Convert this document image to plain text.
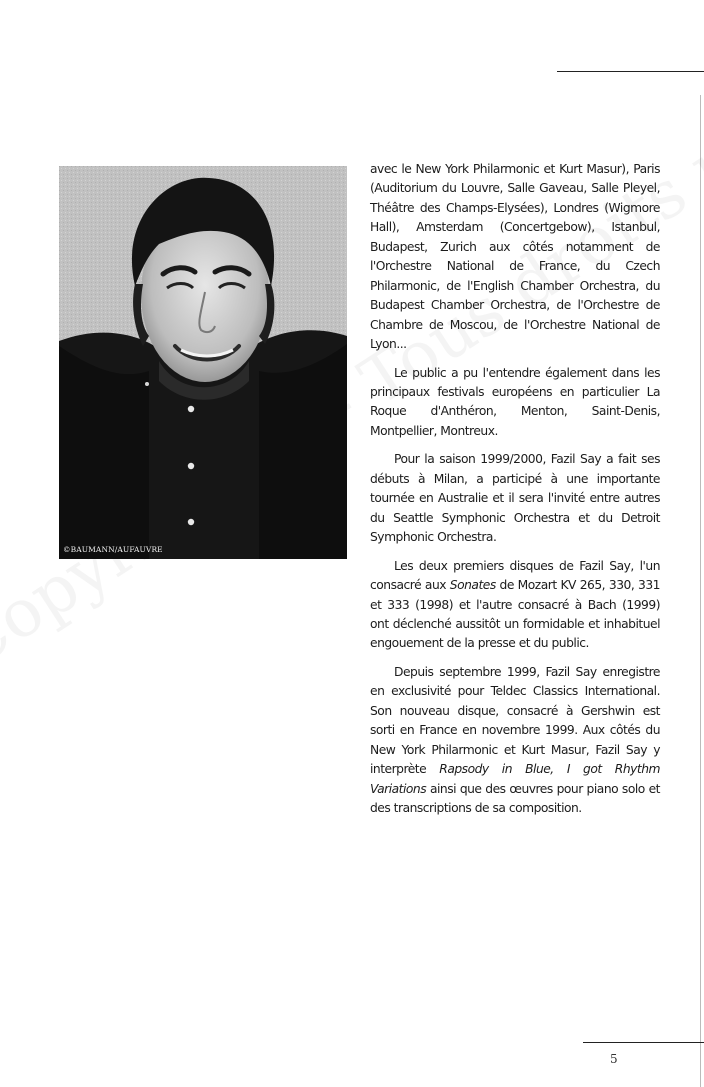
©BAUMANN/AUFAUVRE

avec le New York Philarmonic et Kurt Masur), Paris (Auditorium du Louvre, Salle Gaveau, Salle Pleyel, Théâtre des Champs-Elysées), Londres (Wigmore Hall), Amsterdam (Concertgebow), Istanbul, Budapest, Zurich aux côtés notamment de l'Orchestre National de France, du Czech Philarmonic, de l'English Chamber Orchestra, du Budapest Chamber Orchestra, de l'Orchestre de Chambre de Moscou, de l'Orchestre National de Lyon...

Le public a pu l'entendre également dans les principaux festivals européens en particulier La Roque d'Anthéron, Menton, Saint-Denis, Montpellier, Montreux.

Pour la saison 1999/2000, Fazil Say a fait ses débuts à Milan, a participé à une importante tournée en Australie et il sera l'invité entre autres du Seattle Symphonic Orchestra et du Detroit Symphonic Orchestra.

Les deux premiers disques de Fazil Say, l'un consacré aux Sonates de Mozart KV 265, 330, 331 et 333 (1998) et l'autre consacré à Bach (1999) ont déclenché aussitôt un formidable et inhabituel engouement de la presse et du public.

Depuis septembre 1999, Fazil Say enregistre en exclusivité pour Teldec Classics International. Son nouveau disque, consacré à Gershwin est sorti en France en novembre 1999. Aux côtés du New York Philarmonic et Kurt Masur, Fazil Say y interprète Rapsody in Blue, I got Rhythm Variations ainsi que des œuvres pour piano solo et des transcriptions de sa composition.

5
